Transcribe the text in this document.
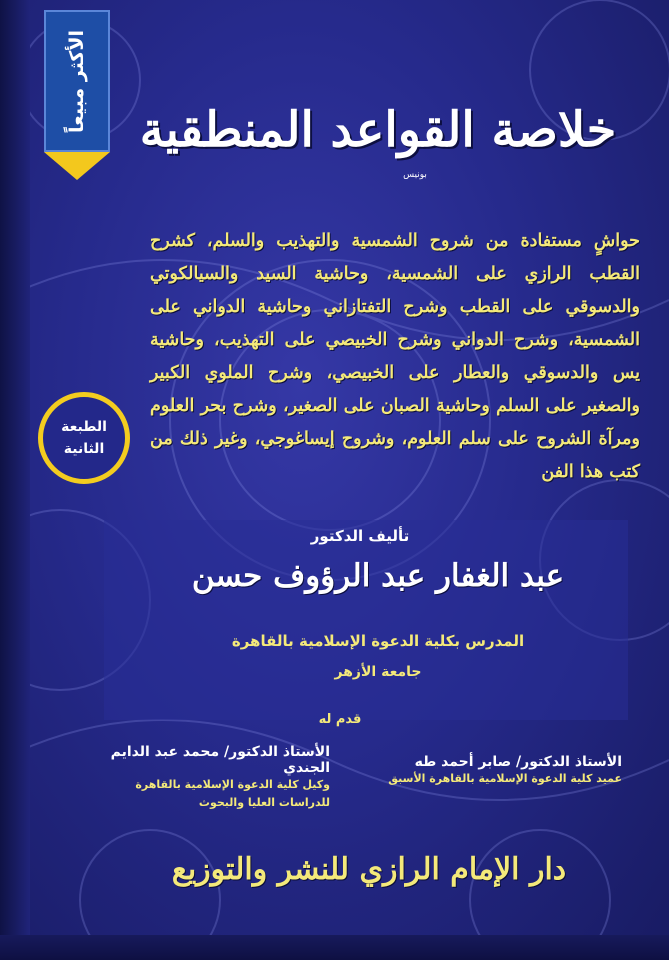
الأكثر مبيعاً	خلاصة القواعد المنطقية
بونيس
حواشٍ مستفادة من شروح الشمسية والتهذيب والسلم، كشرح القطب الرازي على الشمسية، وحاشية السيد والسيالكوتي والدسوقي على القطب وشرح التفتازاني وحاشية الدواني على الشمسية، وشرح الدواني وشرح الخبيصي على التهذيب، وحاشية يس والدسوقي والعطار على الخبيصي، وشرح الملوي الكبير والصغير على السلم وحاشية الصبان على الصغير، وشرح بحر العلوم ومرآة الشروح على سلم العلوم، وشروح إيساغوجي، وغير ذلك من كتب هذا الفن
الطبعة
الثانية
تأليف الدكتور
عبد الغفار عبد الرؤوف حسن
المدرس بكلية الدعوة الإسلامية بالقاهرة
جامعة الأزهر
قدم له
الأستاذ الدكتور/ صابر أحمد طه
عميد كلية الدعوة الإسلامية بالقاهرة الأسبق
الأستاذ الدكتور/ محمد عبد الدايم الجندي
وكيل كلية الدعوة الإسلامية بالقاهرة
للدراسات العليا والبحوث
دار الإمام الرازي للنشر والتوزيع
